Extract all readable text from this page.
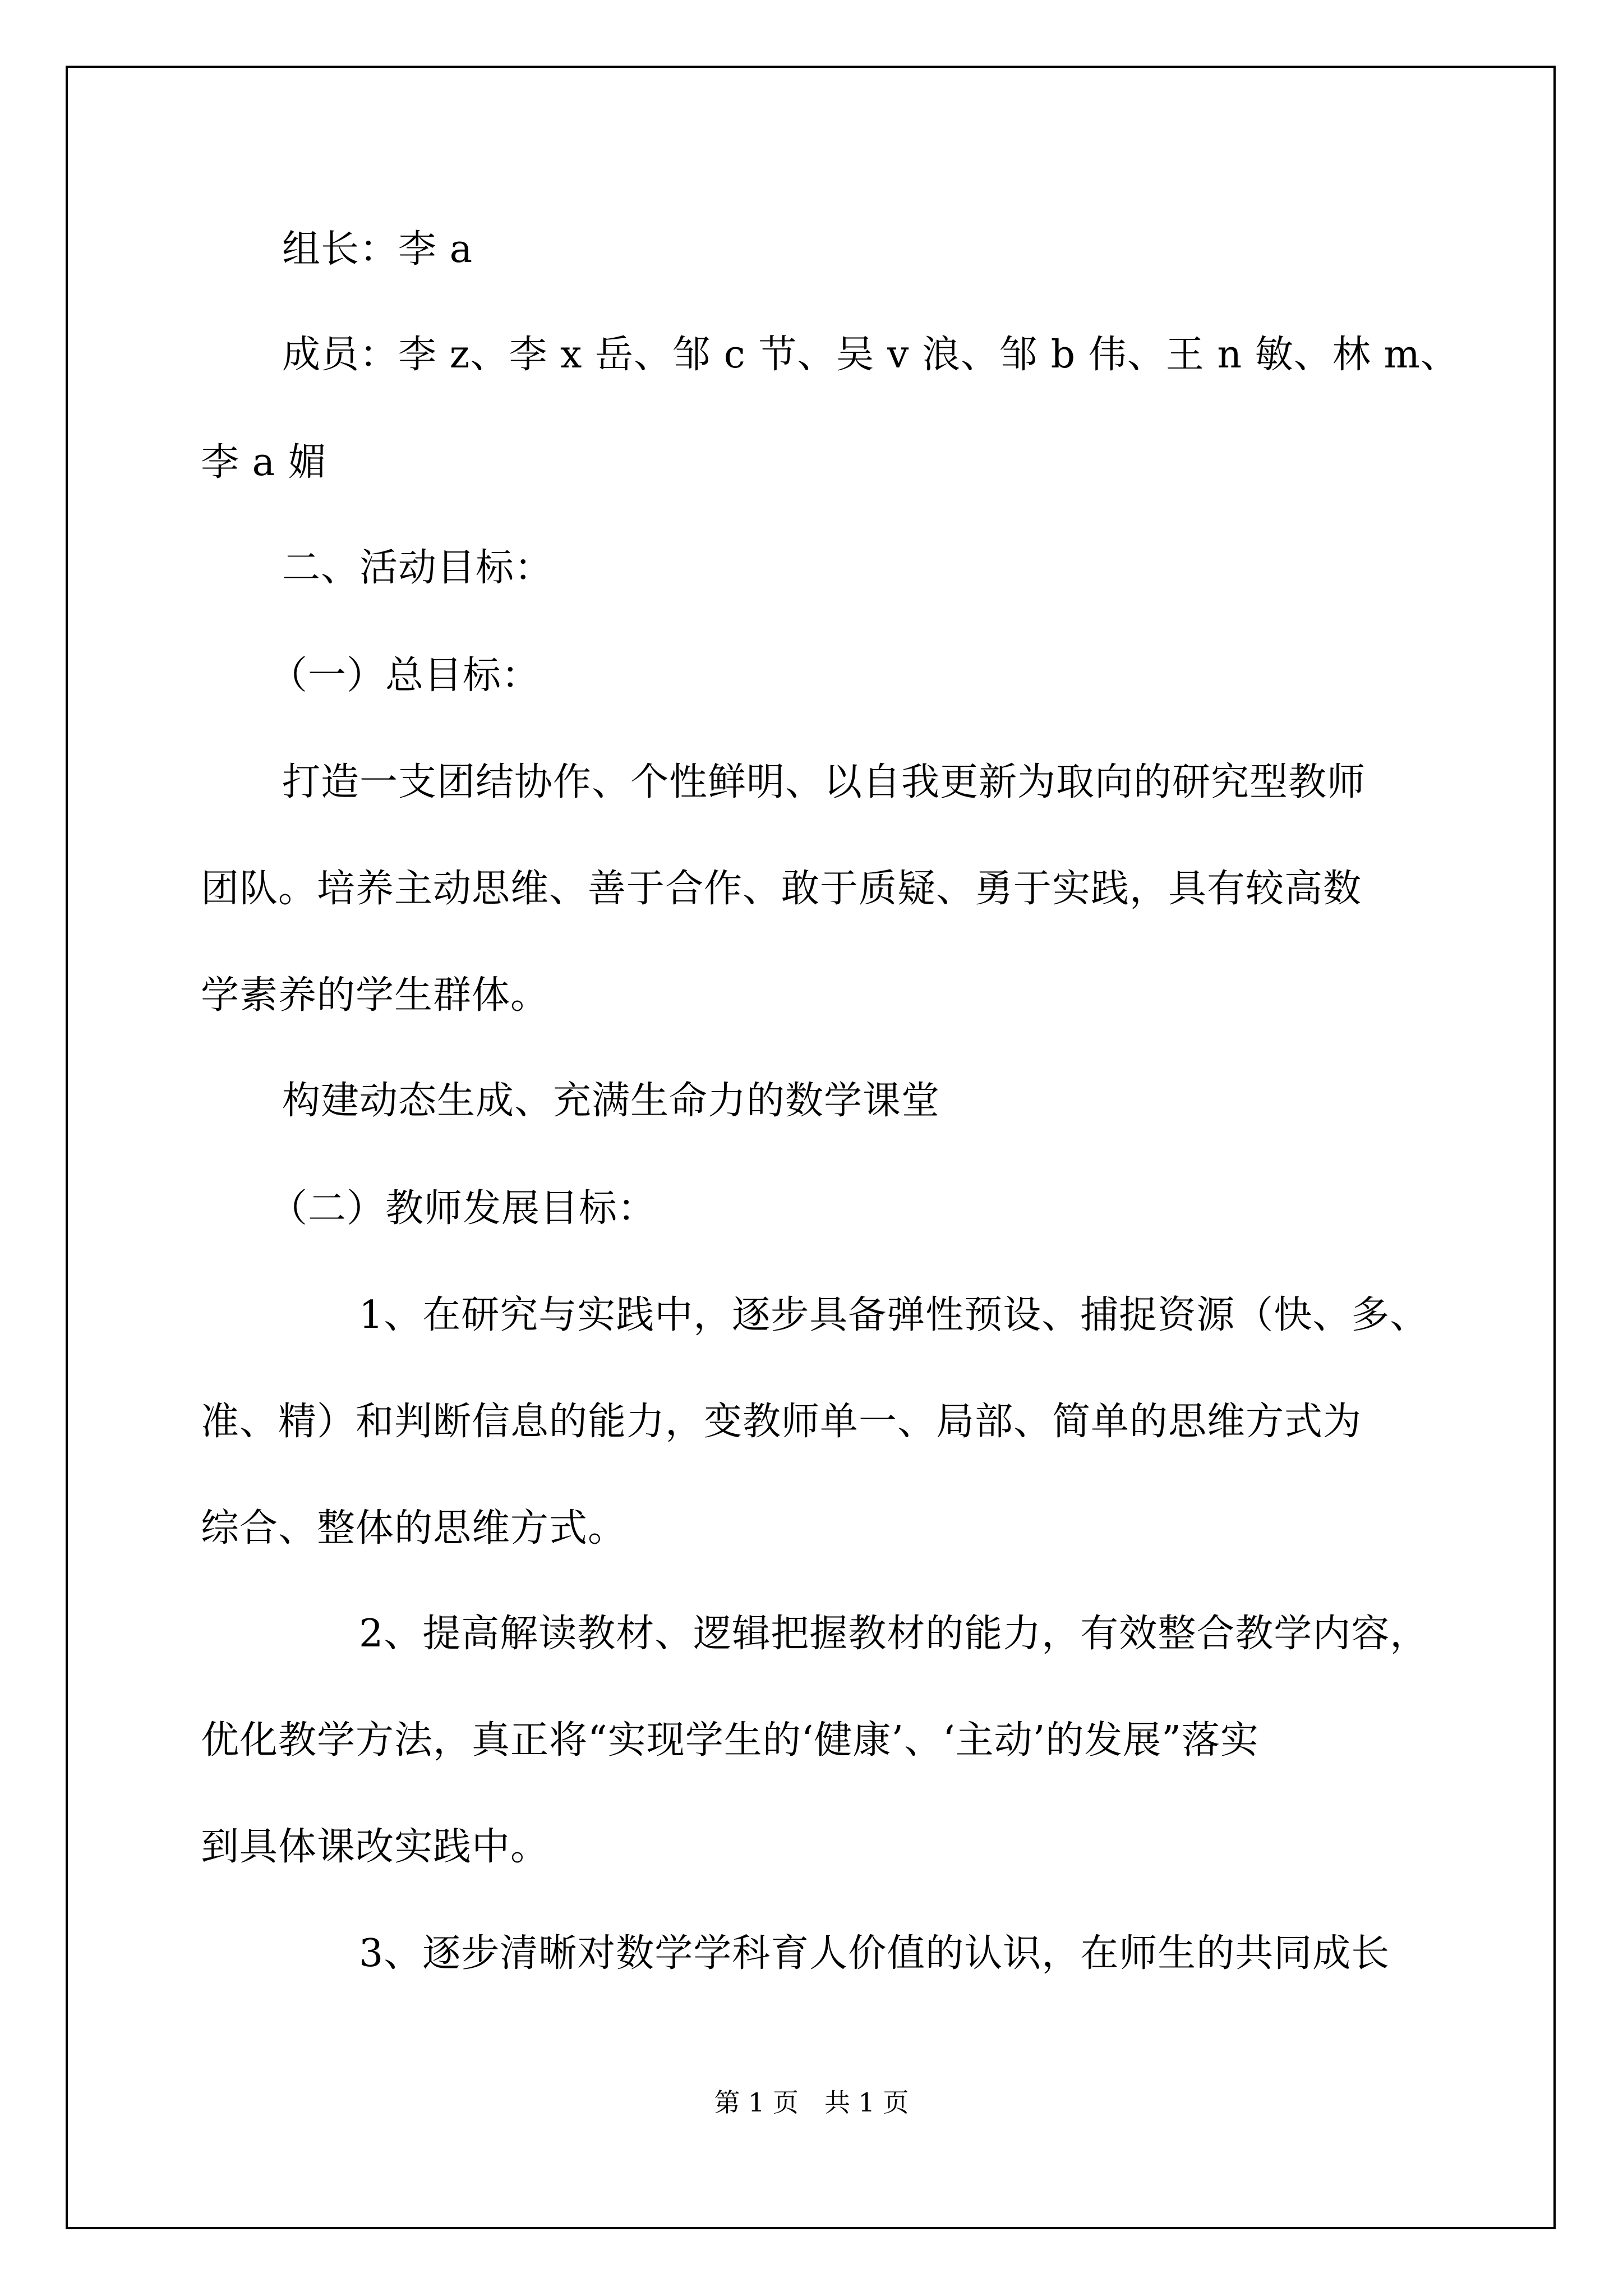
组长：李 a
成员：李 z、李 x 岳、邹 c 节、吴 v 浪、邹 b 伟、王 n 敏、林 m、
李 a 媚
二、活动目标：
（一）总目标：
打造一支团结协作、个性鲜明、以自我更新为取向的研究型教师
团队。培养主动思维、善于合作、敢于质疑、勇于实践，具有较高数
学素养的学生群体。
构建动态生成、充满生命力的数学课堂
（二）教师发展目标：
1、在研究与实践中，逐步具备弹性预设、捕捉资源（快、多、
准、精）和判断信息的能力，变教师单一、局部、简单的思维方式为
综合、整体的思维方式。
2、提高解读教材、逻辑把握教材的能力，有效整合教学内容，
优化教学方法，真正将“实现学生的‘健康’、‘主动’的发展”落实
到具体课改实践中。
3、逐步清晰对数学学科育人价值的认识，在师生的共同成长
第 1 页　共 1 页
